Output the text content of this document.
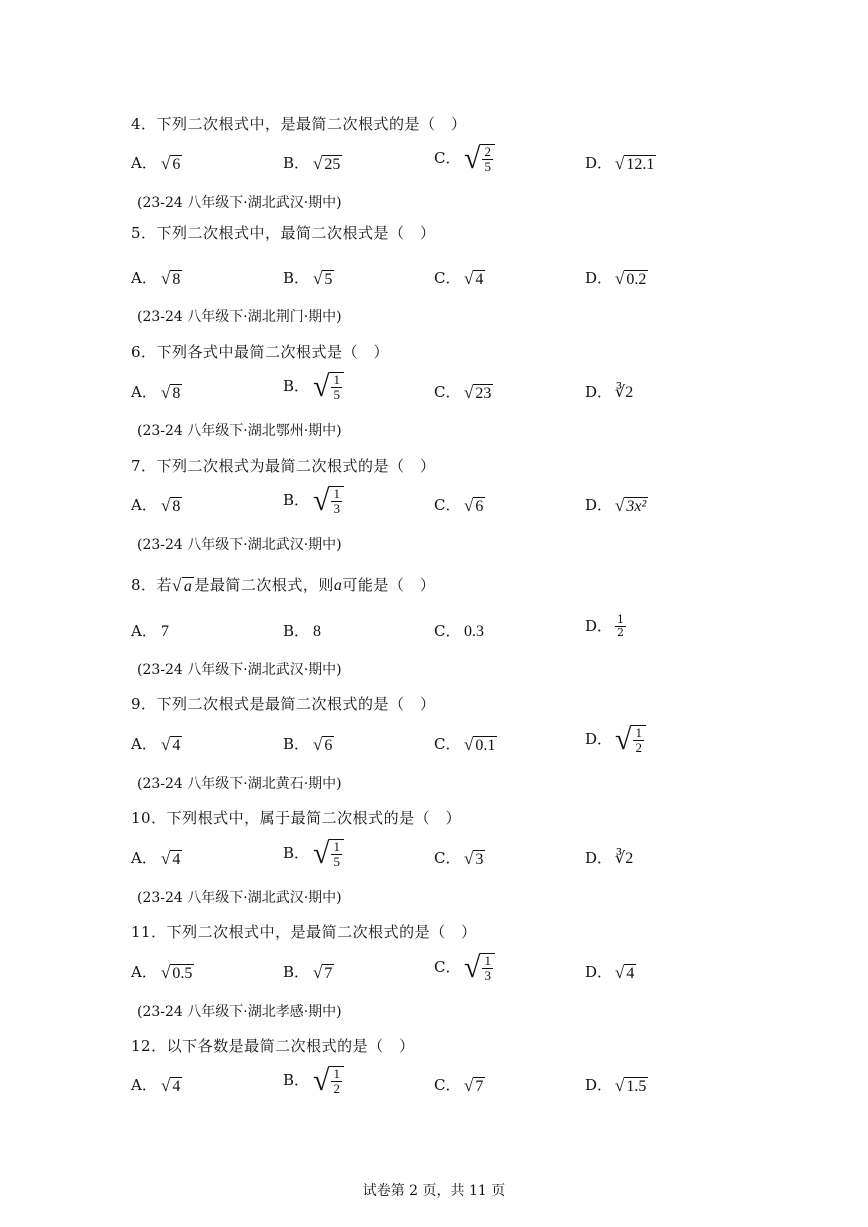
4．下列二次根式中，是最简二次根式的是（　）
A． √ 6	B． √ 25	C． √ $\frac{2}{5}$	D． √ 12.1
(23-24 八年级下·湖北武汉·期中)
5．下列二次根式中，最简二次根式是（　）
A． √ 8	B． √ 5	C． √ 4	D． √ 0.2
(23-24 八年级下·湖北荆门·期中)
6．下列各式中最简二次根式是（　）
A． √ 8	B． √ $\frac{1}{5}$	C． √ 23	D． ∛2
(23-24 八年级下·湖北鄂州·期中)
7．下列二次根式为最简二次根式的是（　）
A． √ 8	B． √ $\frac{1}{3}$	C． √ 6	D． √ 3x²
(23-24 八年级下·湖北武汉·期中)
8．若 √ a 是最简二次根式，则a可能是（　）
A． 7	B． 8	C． 0.3	D． $\frac{1}{2}$
(23-24 八年级下·湖北武汉·期中)
9．下列二次根式是最简二次根式的是（　）
A． √ 4	B． √ 6	C． √ 0.1	D． √ $\frac{1}{2}$
(23-24 八年级下·湖北黄石·期中)
10．下列根式中，属于最简二次根式的是（　）
A． √ 4	B． √ $\frac{1}{5}$	C． √ 3	D． ∛2
(23-24 八年级下·湖北武汉·期中)
11．下列二次根式中，是最简二次根式的是（　）
A． √ 0.5	B． √ 7	C． √ $\frac{1}{3}$	D． √ 4
(23-24 八年级下·湖北孝感·期中)
12．以下各数是最简二次根式的是（　）
A． √ 4	B． √ $\frac{1}{2}$	C． √ 7	D． √ 1.5
试卷第 2 页，共 11 页
